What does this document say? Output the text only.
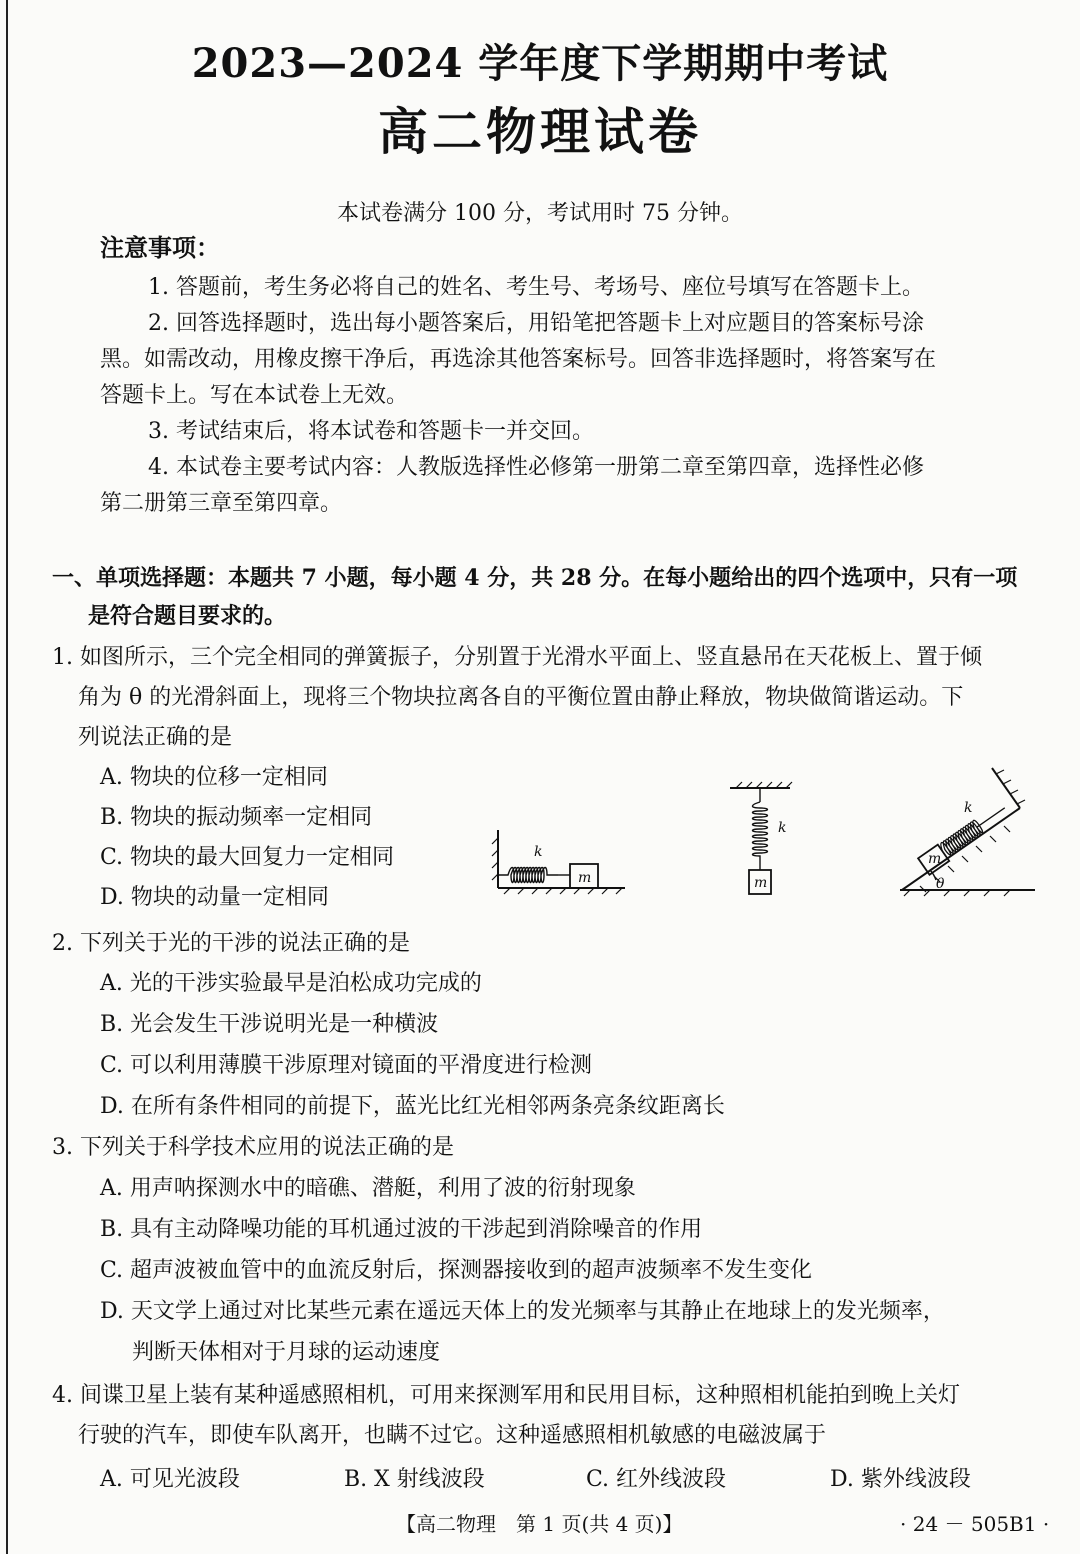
2023—2024 学年度下学期期中考试
高二物理试卷
本试卷满分 100 分，考试用时 75 分钟。
注意事项：
1. 答题前，考生务必将自己的姓名、考生号、考场号、座位号填写在答题卡上。
2. 回答选择题时，选出每小题答案后，用铅笔把答题卡上对应题目的答案标号涂
黑。如需改动，用橡皮擦干净后，再选涂其他答案标号。回答非选择题时，将答案写在
答题卡上。写在本试卷上无效。
3. 考试结束后，将本试卷和答题卡一并交回。
4. 本试卷主要考试内容：人教版选择性必修第一册第二章至第四章，选择性必修
第二册第三章至第四章。
一、单项选择题：本题共 7 小题，每小题 4 分，共 28 分。在每小题给出的四个选项中，只有一项
是符合题目要求的。
1. 如图所示，三个完全相同的弹簧振子，分别置于光滑水平面上、竖直悬吊在天花板上、置于倾
角为 θ 的光滑斜面上，现将三个物块拉离各自的平衡位置由静止释放，物块做简谐运动。下
列说法正确的是
A. 物块的位移一定相同
B. 物块的振动频率一定相同
C. 物块的最大回复力一定相同
D. 物块的动量一定相同
k
m
k
m
k
m
θ
2. 下列关于光的干涉的说法正确的是
A. 光的干涉实验最早是泊松成功完成的
B. 光会发生干涉说明光是一种横波
C. 可以利用薄膜干涉原理对镜面的平滑度进行检测
D. 在所有条件相同的前提下，蓝光比红光相邻两条亮条纹距离长
3. 下列关于科学技术应用的说法正确的是
A. 用声呐探测水中的暗礁、潜艇，利用了波的衍射现象
B. 具有主动降噪功能的耳机通过波的干涉起到消除噪音的作用
C. 超声波被血管中的血流反射后，探测器接收到的超声波频率不发生变化
D. 天文学上通过对比某些元素在遥远天体上的发光频率与其静止在地球上的发光频率，
判断天体相对于月球的运动速度
4. 间谍卫星上装有某种遥感照相机，可用来探测军用和民用目标，这种照相机能拍到晚上关灯
行驶的汽车，即使车队离开，也瞒不过它。这种遥感照相机敏感的电磁波属于
A. 可见光波段	B. X 射线波段	C. 红外线波段	D. 紫外线波段
【高二物理　第 1 页(共 4 页)】	· 24 － 505B1 ·
